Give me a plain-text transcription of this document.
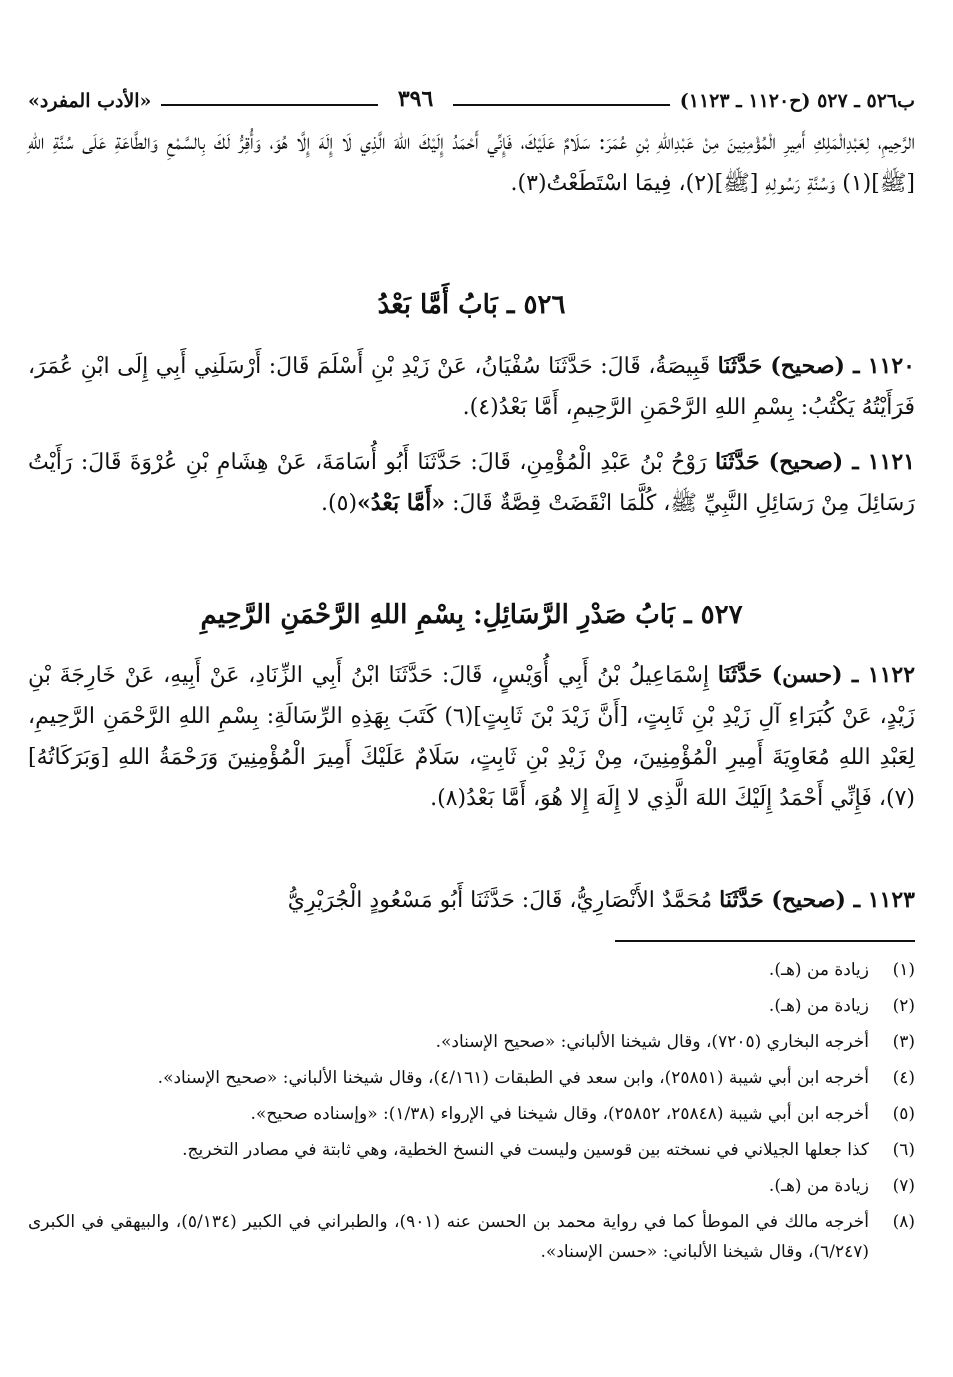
ب٥٢٦ ـ ٥٢٧ (ح١١٢٠ ـ ١١٢٣)
٣٩٦
«الأدب المفرد»

الرَّحِيمِ، لِعَبْدِالْمَلِكِ أَمِيرِ الْمُؤْمِنِينَ مِنْ عَبْدِاللهِ بْنِ عُمَرَ: سَلَامٌ عَلَيْكَ، فَإِنِّي أَحْمَدُ إِلَيْكَ اللهَ الَّذِي لَا إِلَهَ إِلَّا هُوَ، وَأُقِرُّ لَكَ بِالسَّمْعِ وَالطَّاعَةِ عَلَى سُنَّةِ اللهِ [ﷺ](١) وَسُنَّةِ رَسُولِهِ [ﷺ](٢)، فِيمَا اسْتَطَعْتُ(٣).

٥٢٦ ـ بَابُ أَمَّا بَعْدُ

١١٢٠ ـ (صحيح) حَدَّثَنَا قَبِيصَةُ، قَالَ: حَدَّثَنَا سُفْيَانُ، عَنْ زَيْدِ بْنِ أَسْلَمَ قَالَ: أَرْسَلَنِي أَبِي إِلَى ابْنِ عُمَرَ، فَرَأَيْتُهُ يَكْتُبُ: بِسْمِ اللهِ الرَّحْمَنِ الرَّحِيمِ، أَمَّا بَعْدُ(٤).

١١٢١ ـ (صحيح) حَدَّثَنَا رَوْحُ بْنُ عَبْدِ الْمُؤْمِنِ، قَالَ: حَدَّثَنَا أَبُو أُسَامَةَ، عَنْ هِشَامِ بْنِ عُرْوَةَ قَالَ: رَأَيْتُ رَسَائِلَ مِنْ رَسَائِلِ النَّبِيِّ ﷺ، كُلَّمَا انْقَضَتْ قِصَّةٌ قَالَ: «أَمَّا بَعْدُ»(٥).

٥٢٧ ـ بَابُ صَدْرِ الرَّسَائِلِ: بِسْمِ اللهِ الرَّحْمَنِ الرَّحِيمِ

١١٢٢ ـ (حسن) حَدَّثَنَا إِسْمَاعِيلُ بْنُ أَبِي أُوَيْسٍ، قَالَ: حَدَّثَنَا ابْنُ أَبِي الزِّنَادِ، عَنْ أَبِيهِ، عَنْ خَارِجَةَ بْنِ زَيْدٍ، عَنْ كُبَرَاءِ آلِ زَيْدِ بْنِ ثَابِتٍ، [أَنَّ زَيْدَ بْنَ ثَابِتٍ](٦) كَتَبَ بِهَذِهِ الرِّسَالَةِ: بِسْمِ اللهِ الرَّحْمَنِ الرَّحِيمِ، لِعَبْدِ اللهِ مُعَاوِيَةَ أَمِيرِ الْمُؤْمِنِينَ، مِنْ زَيْدِ بْنِ ثَابِتٍ، سَلَامٌ عَلَيْكَ أَمِيرَ الْمُؤْمِنِينَ وَرَحْمَةُ اللهِ [وَبَرَكَاتُهُ](٧)، فَإِنِّي أَحْمَدُ إِلَيْكَ اللهَ الَّذِي لا إِلَهَ إِلا هُوَ، أَمَّا بَعْدُ(٨).

١١٢٣ ـ (صحيح) حَدَّثَنَا مُحَمَّدٌ الأَنْصَارِيُّ، قَالَ: حَدَّثَنَا أَبُو مَسْعُودٍ الْجُرَيْرِيُّ

(١)
زيادة من (هـ).
(٢)
زيادة من (هـ).
(٣)
أخرجه البخاري (٧٢٠٥)، وقال شيخنا الألباني: «صحيح الإسناد».
(٤)
أخرجه ابن أبي شيبة (٢٥٨٥١)، وابن سعد في الطبقات (٤/١٦١)، وقال شيخنا الألباني: «صحيح الإسناد».
(٥)
أخرجه ابن أبي شيبة (٢٥٨٤٨، ٢٥٨٥٢)، وقال شيخنا في الإرواء (١/٣٨): «وإسناده صحيح».
(٦)
كذا جعلها الجيلاني في نسخته بين قوسين وليست في النسخ الخطية، وهي ثابتة في مصادر التخريج.
(٧)
زيادة من (هـ).
(٨)
أخرجه مالك في الموطأ كما في رواية محمد بن الحسن عنه (٩٠١)، والطبراني في الكبير (٥/١٣٤)، والبيهقي في الكبرى (٦/٢٤٧)، وقال شيخنا الألباني: «حسن الإسناد».
